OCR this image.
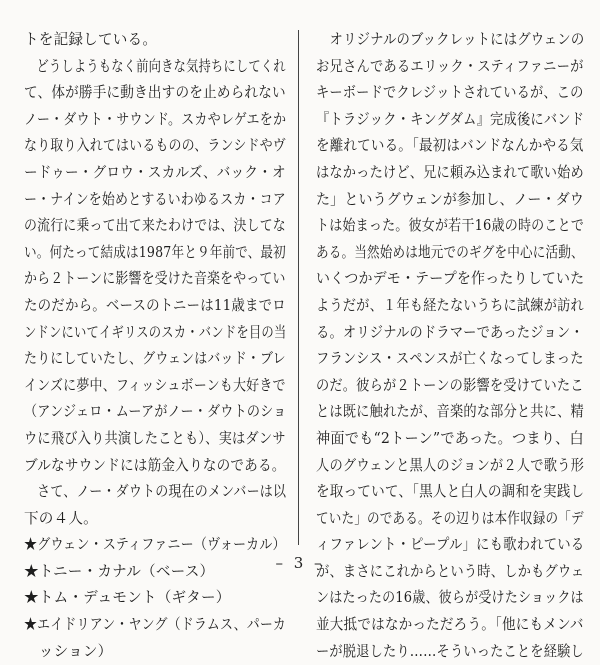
トを記録している。
　どうしようもなく前向きな気持ちにしてくれ
て、体が勝手に動き出すのを止められない
ノー・ダウト・サウンド。スカやレゲエをか
なり取り入れてはいるものの、ランシドやヴ
ードゥー・グロウ・スカルズ、バック・オ
ー・ナインを始めとするいわゆるスカ・コア
の流行に乗って出て来たわけでは、決してな
い。何たって結成は1987年と９年前で、最初
から２トーンに影響を受けた音楽をやってい
たのだから。ベースのトニーは11歳までロ
ンドンにいてイギリスのスカ・バンドを目の当
たりにしていたし、グウェンはバッド・ブレ
インズに夢中、フィッシュボーンも大好きで
（アンジェロ・ムーアがノー・ダウトのショ
ウに飛び入り共演したことも）、実はダンサ
ブルなサウンドには筋金入りなのである。
　さて、ノー・ダウトの現在のメンバーは以
下の４人。
★グウェン・スティファニー（ヴォーカル）
★トニー・カナル（ベース）
★トム・デュモント（ギター）
★エイドリアン・ヤング（ドラムス、パーカ
　ッション）
　オリジナルのブックレットにはグウェンの
お兄さんであるエリック・スティファニーが
キーボードでクレジットされているが、この
『トラジック・キングダム』完成後にバンド
を離れている。「最初はバンドなんかやる気
はなかったけど、兄に頼み込まれて歌い始め
た」というグウェンが参加し、ノー・ダウ
トは始まった。彼女が若干16歳の時のことで
ある。当然始めは地元でのギグを中心に活動、
いくつかデモ・テープを作ったりしていた
ようだが、１年も経たないうちに試練が訪れ
る。オリジナルのドラマーであったジョン・
フランシス・スペンスが亡くなってしまった
のだ。彼らが２トーンの影響を受けていたこ
とは既に触れたが、音楽的な部分と共に、精
神面でも“2トーン”であった。つまり、白
人のグウェンと黒人のジョンが２人で歌う形
を取っていて、「黒人と白人の調和を実践し
ていた」のである。その辺りは本作収録の「デ
ィファレント・ピープル」にも歌われている
が、まさにこれからという時、しかもグウェ
ンはたったの16歳、彼らが受けたショックは
並大抵ではなかっただろう。「他にもメンバ
ーが脱退したり……そういったことを経験し
– 3 –
